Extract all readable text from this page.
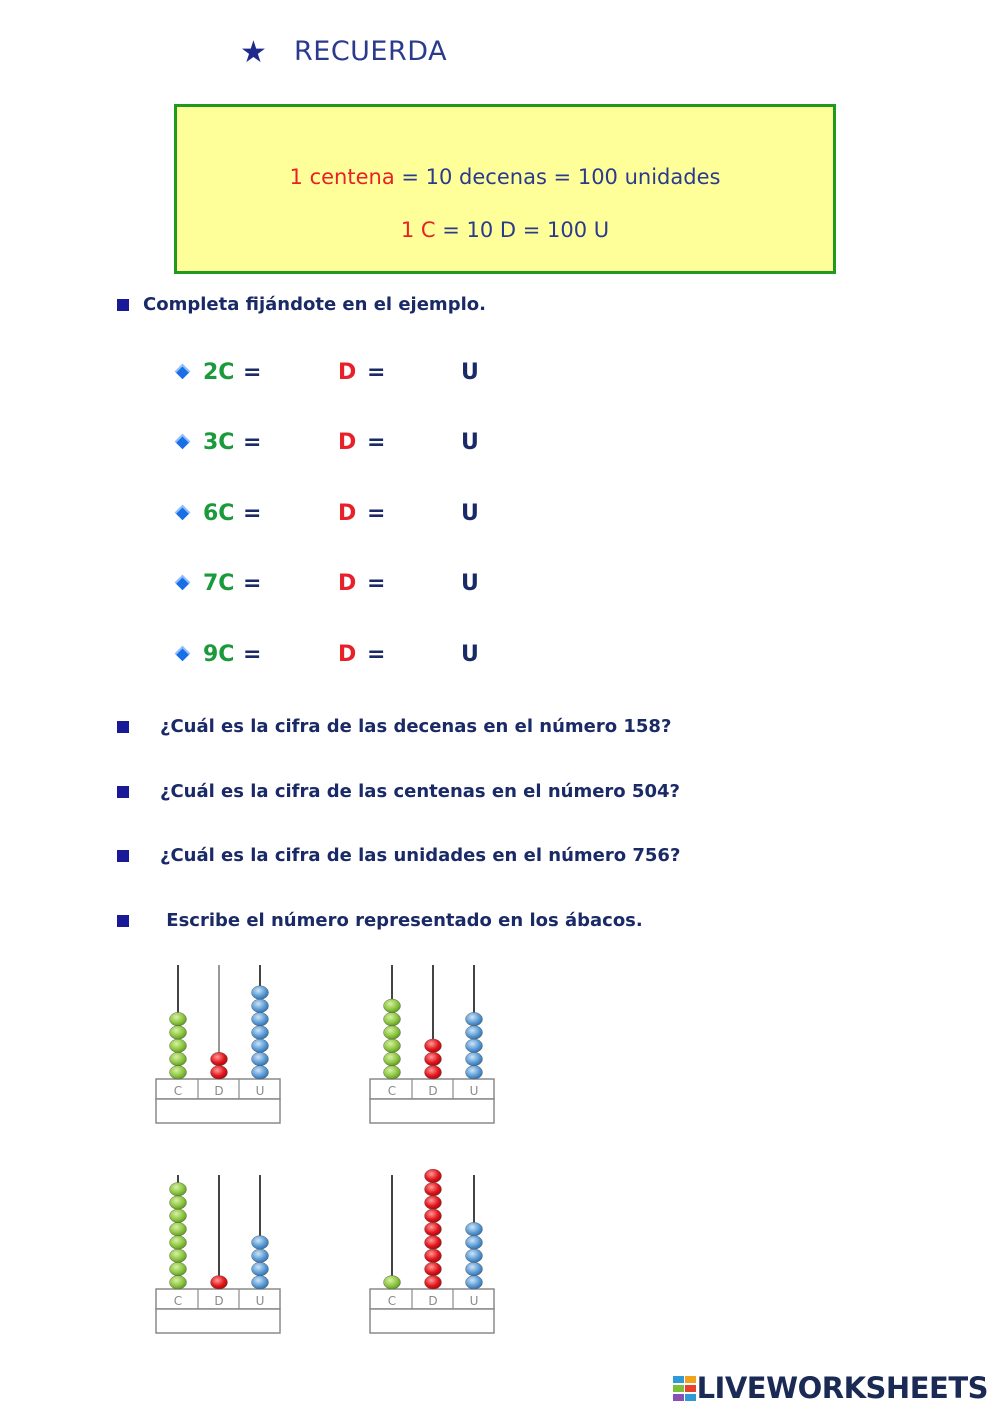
★ RECUERDA
1 centena = 10 decenas = 100 unidades
1 C = 10 D = 100 U
Completa fijándote en el ejemplo.
2C =	D =	U
3C =	D =	U
6C =	D =	U
7C =	D =	U
9C =	D =	U
¿Cuál es la cifra de las decenas en el número 158?
¿Cuál es la cifra de las centenas en el número 504?
¿Cuál es la cifra de las unidades en el número 756?
Escribe el número representado en los ábacos.
C	D	U	C	D	U
C	D	U	C	D	U
LIVEWORKSHEETS
